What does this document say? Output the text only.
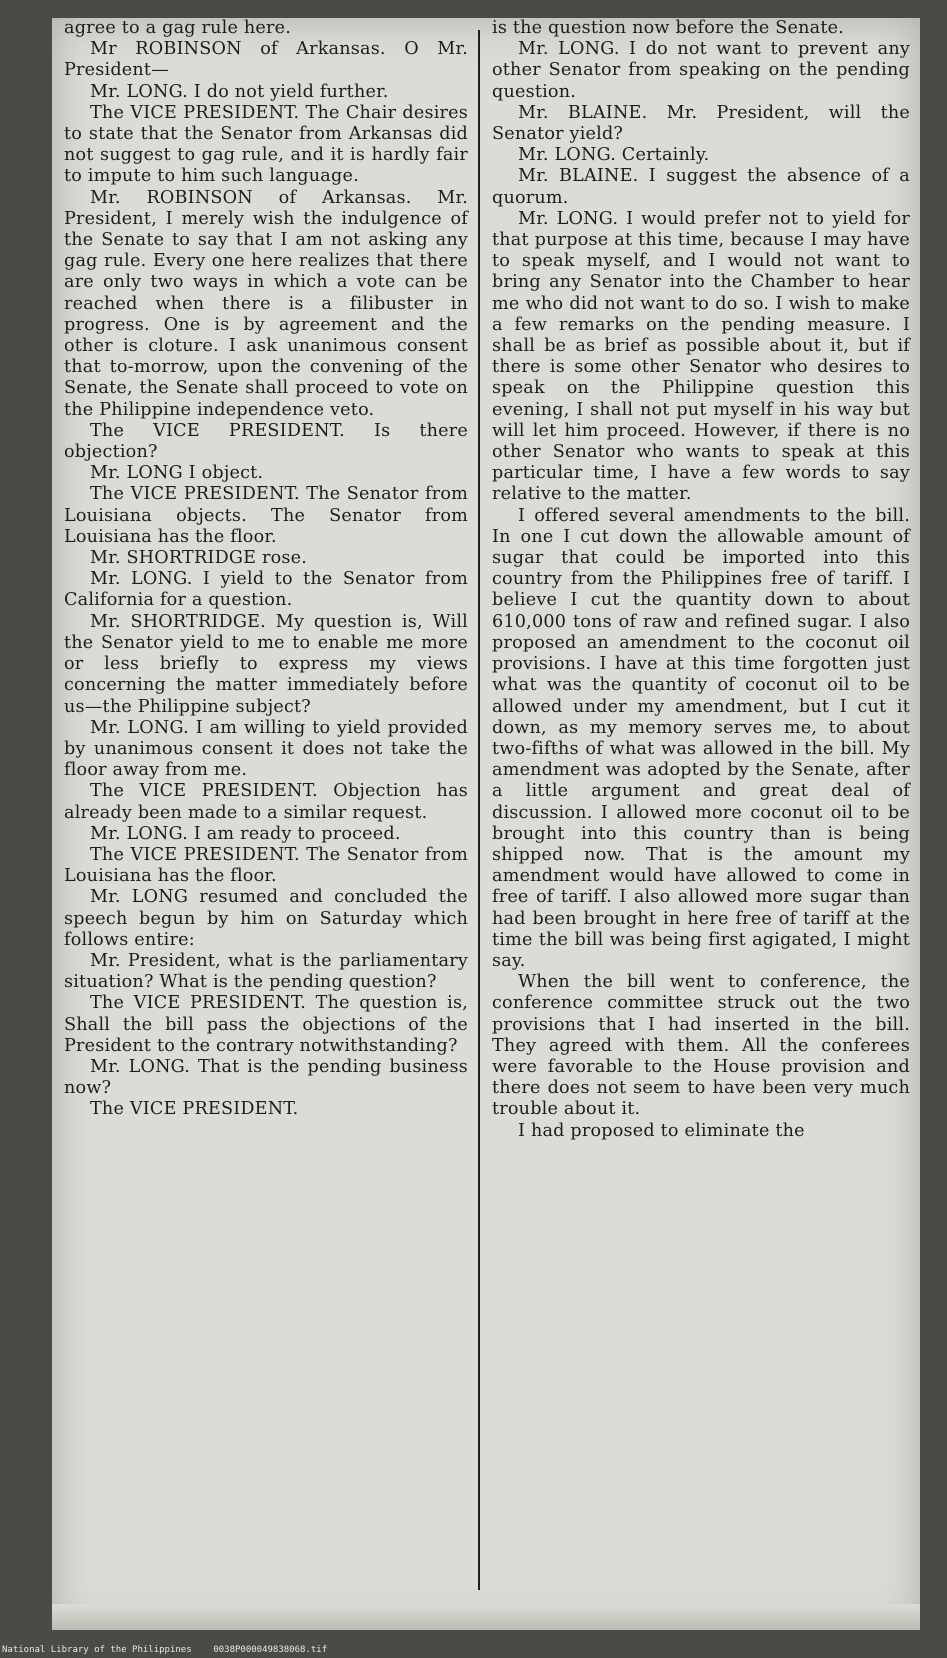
agree to a gag rule here.

Mr ROBINSON of Arkansas. O Mr. President—

Mr. LONG. I do not yield further.

The VICE PRESIDENT. The Chair desires to state that the Senator from Arkansas did not suggest to gag rule, and it is hardly fair to impute to him such language.

Mr. ROBINSON of Arkansas. Mr. President, I merely wish the indulgence of the Senate to say that I am not asking any gag rule. Every one here realizes that there are only two ways in which a vote can be reached when there is a filibuster in progress. One is by agreement and the other is cloture. I ask unanimous consent that to-morrow, upon the convening of the Senate, the Senate shall proceed to vote on the Philippine independence veto.

The VICE PRESIDENT. Is there objection?

Mr. LONG I object.

The VICE PRESIDENT. The Senator from Louisiana objects. The Senator from Louisiana has the floor.

Mr. SHORTRIDGE rose.

Mr. LONG. I yield to the Senator from California for a question.

Mr. SHORTRIDGE. My question is, Will the Senator yield to me to enable me more or less briefly to express my views concerning the matter immediately before us—the Philippine subject?

Mr. LONG. I am willing to yield provided by unanimous consent it does not take the floor away from me.

The VICE PRESIDENT. Objection has already been made to a similar request.

Mr. LONG. I am ready to proceed.

The VICE PRESIDENT. The Senator from Louisiana has the floor.

Mr. LONG resumed and concluded the speech begun by him on Saturday which follows entire:

Mr. President, what is the parliamentary situation? What is the pending question?

The VICE PRESIDENT. The question is, Shall the bill pass the objections of the President to the contrary notwithstanding?

Mr. LONG. That is the pending business now?

The VICE PRESIDENT.

is the question now before the Senate.

Mr. LONG. I do not want to prevent any other Senator from speaking on the pending question.

Mr. BLAINE. Mr. President, will the Senator yield?

Mr. LONG. Certainly.

Mr. BLAINE. I suggest the absence of a quorum.

Mr. LONG. I would prefer not to yield for that purpose at this time, because I may have to speak myself, and I would not want to bring any Senator into the Chamber to hear me who did not want to do so. I wish to make a few remarks on the pending measure. I shall be as brief as possible about it, but if there is some other Senator who desires to speak on the Philippine question this evening, I shall not put myself in his way but will let him proceed. However, if there is no other Senator who wants to speak at this particular time, I have a few words to say relative to the matter.

I offered several amendments to the bill. In one I cut down the allowable amount of sugar that could be imported into this country from the Philippines free of tariff. I believe I cut the quantity down to about 610,000 tons of raw and refined sugar. I also proposed an amendment to the coconut oil provisions. I have at this time forgotten just what was the quantity of coconut oil to be allowed under my amendment, but I cut it down, as my memory serves me, to about two-fifths of what was allowed in the bill. My amendment was adopted by the Senate, after a little argument and great deal of discussion. I allowed more coconut oil to be brought into this country than is being shipped now. That is the amount my amendment would have allowed to come in free of tariff. I also allowed more sugar than had been brought in here free of tariff at the time the bill was being first agigated, I might say.

When the bill went to conference, the conference committee struck out the two provisions that I had inserted in the bill. They agreed with them. All the conferees were favorable to the House provision and there does not seem to have been very much trouble about it.

I had proposed to eliminate the

National Library of the Philippines    0038P000049838068.tif
